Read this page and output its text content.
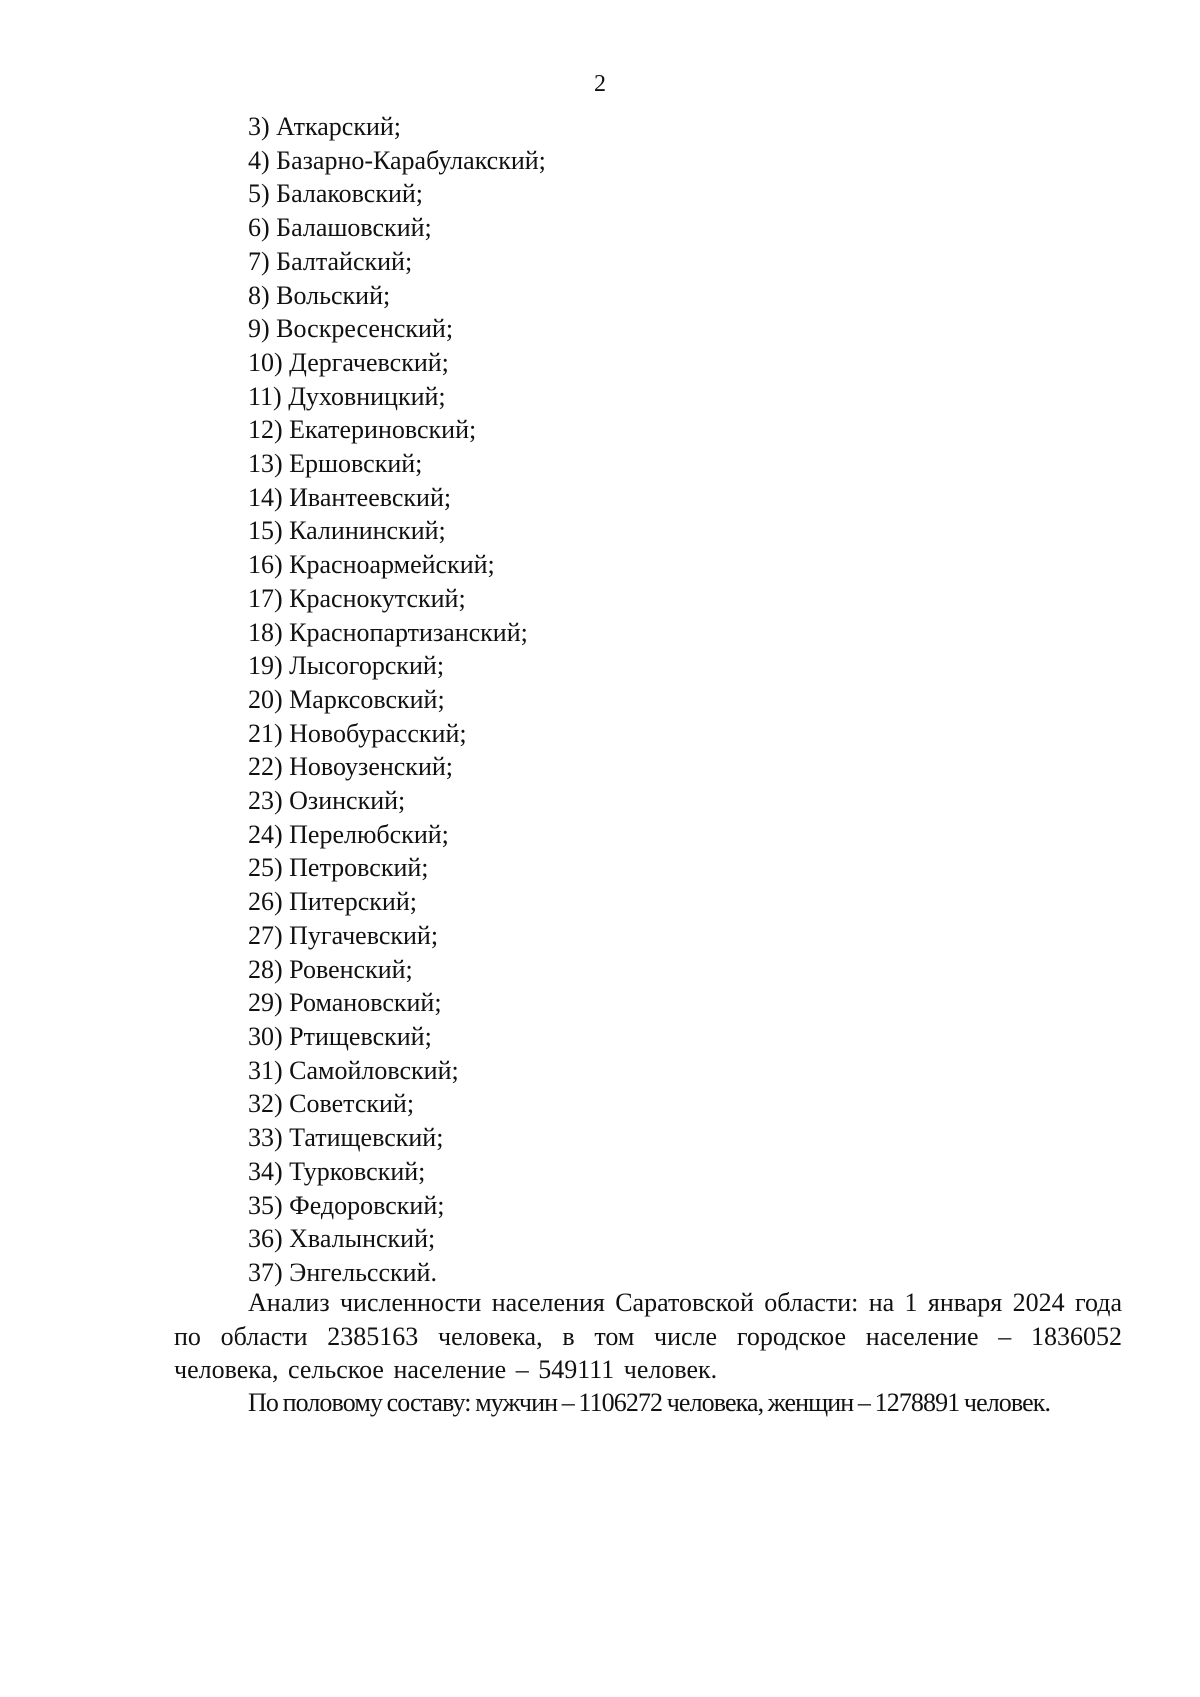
2
3) Аткарский;
4) Базарно-Карабулакский;
5) Балаковский;
6) Балашовский;
7) Балтайский;
8) Вольский;
9) Воскресенский;
10) Дергачевский;
11) Духовницкий;
12) Екатериновский;
13) Ершовский;
14) Ивантеевский;
15) Калининский;
16) Красноармейский;
17) Краснокутский;
18) Краснопартизанский;
19) Лысогорский;
20) Марксовский;
21) Новобурасский;
22) Новоузенский;
23) Озинский;
24) Перелюбский;
25) Петровский;
26) Питерский;
27) Пугачевский;
28) Ровенский;
29) Романовский;
30) Ртищевский;
31) Самойловский;
32) Советский;
33) Татищевский;
34) Турковский;
35) Федоровский;
36) Хвалынский;
37) Энгельсский.

Анализ численности населения Саратовской области: на 1 января 2024 года по области 2385163 человека, в том числе городское население – 1836052 человека, сельское население – 549111 человек.

По половому составу: мужчин – 1106272 человека, женщин – 1278891 человек.
